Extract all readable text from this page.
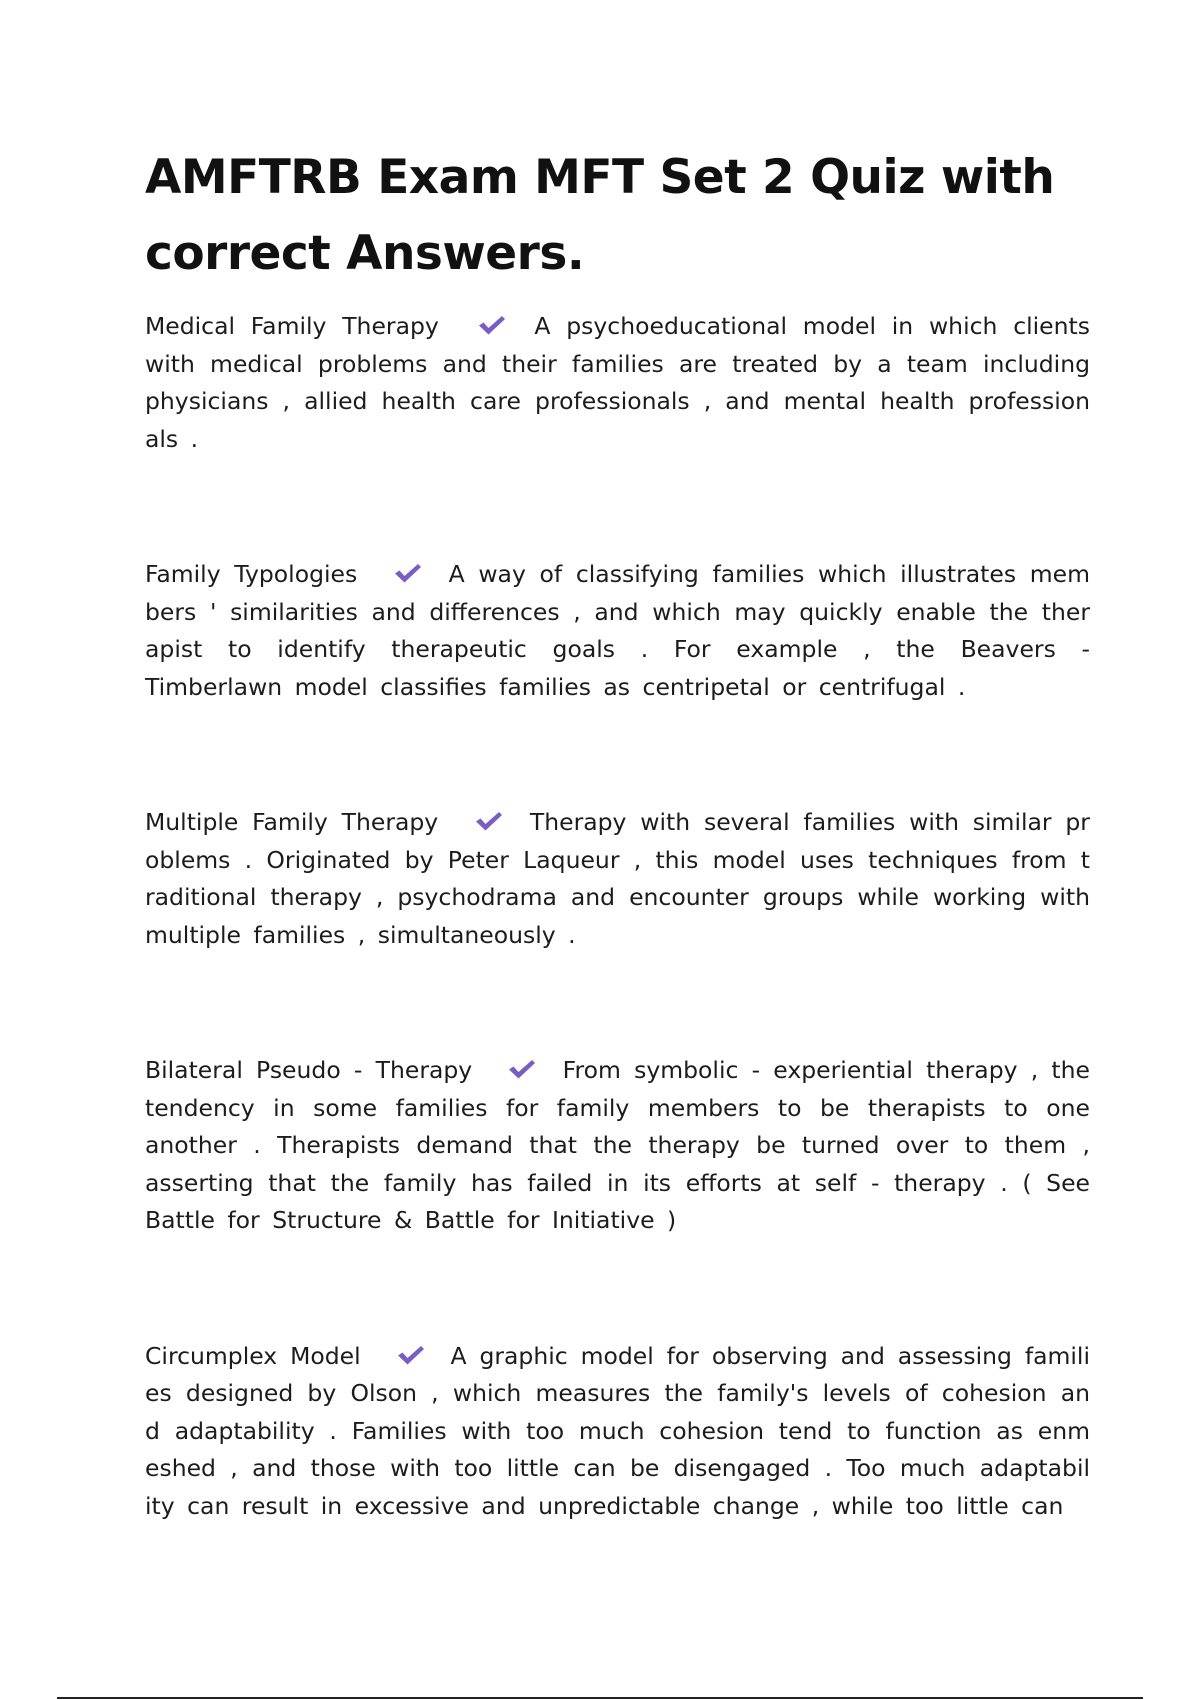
AMFTRB Exam MFT Set 2 Quiz with correct Answers.

Medical Family Therapy	A psychoeducational model in which clients with medical problems and their families are treated by a team including physicians , allied health care professionals , and mental health profession als .

Family Typologies	A way of classifying families which illustrates mem bers ' similarities and differences , and which may quickly enable the ther apist to identify therapeutic goals . For example , the Beavers - Timberlawn model classifies families as centripetal or centrifugal .

Multiple Family Therapy	Therapy with several families with similar pr oblems . Originated by Peter Laqueur , this model uses techniques from t raditional therapy , psychodrama and encounter groups while working with multiple families , simultaneously .

Bilateral Pseudo - Therapy	From symbolic - experiential therapy , the tendency in some families for family members to be therapists to one another . Therapists demand that the therapy be turned over to them , asserting that the family has failed in its efforts at self - therapy . ( See Battle for Structure & Battle for Initiative )

Circumplex Model	A graphic model for observing and assessing famili es designed by Olson , which measures the family's levels of cohesion an d adaptability . Families with too much cohesion tend to function as enm eshed , and those with too little can be disengaged . Too much adaptabil ity can result in excessive and unpredictable change , while too little can
